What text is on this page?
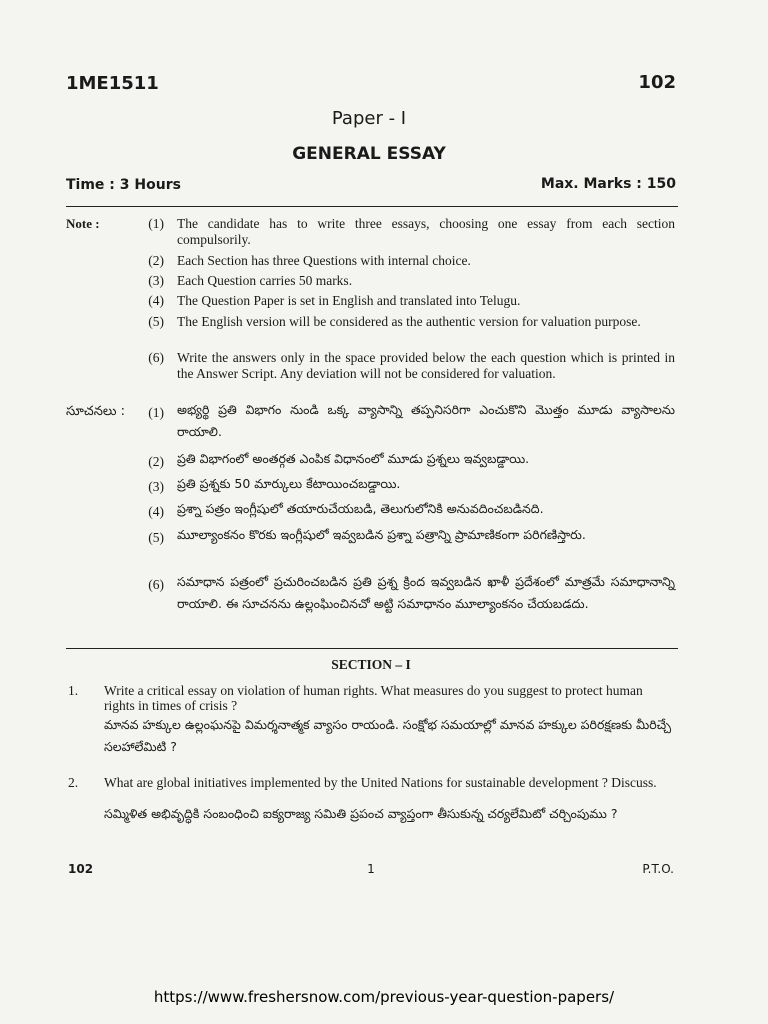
1ME1511	102
Paper - I
GENERAL ESSAY
Time : 3 Hours	Max. Marks : 150
Note :	(1) The candidate has to write three essays, choosing one essay from each section compulsorily.
(2) Each Section has three Questions with internal choice.
(3) Each Question carries 50 marks.
(4) The Question Paper is set in English and translated into Telugu.
(5) The English version will be considered as the authentic version for valuation purpose.
(6) Write the answers only in the space provided below the each question which is printed in the Answer Script. Any deviation will not be considered for valuation.
సూచనలు :	(1) అభ్యర్థి ప్రతి విభాగం నుండి ఒక్క వ్యాసాన్ని తప్పనిసరిగా ఎంచుకొని మొత్తం మూడు వ్యాసాలను రాయాలి.
(2) ప్రతి విభాగంలో అంతర్గత ఎంపిక విధానంలో మూడు ప్రశ్నలు ఇవ్వబడ్డాయి.
(3) ప్రతి ప్రశ్నకు 50 మార్కులు కేటాయించబడ్డాయి.
(4) ప్రశ్నా పత్రం ఇంగ్లీషులో తయారుచేయబడి, తెలుగులోనికి అనువదించబడినది.
(5) మూల్యాంకనం కొరకు ఇంగ్లీషులో ఇవ్వబడిన ప్రశ్నా పత్రాన్ని ప్రామాణికంగా పరిగణిస్తారు.
(6) సమాధాన పత్రంలో ప్రచురించబడిన ప్రతి ప్రశ్న క్రింద ఇవ్వబడిన ఖాళీ ప్రదేశంలో మాత్రమే సమాధానాన్ని రాయాలి. ఈ సూచనను ఉల్లంఘించినచో అట్టి సమాధానం మూల్యాంకనం చేయబడదు.
SECTION – I
1. Write a critical essay on violation of human rights. What measures do you suggest to protect human rights in times of crisis ?
మానవ హక్కుల ఉల్లంఘనపై విమర్శనాత్మక వ్యాసం రాయండి. సంక్షోభ సమయాల్లో మానవ హక్కుల పరిరక్షణకు మీరిచ్చే సలహాలేమిటి ?
2. What are global initiatives implemented by the United Nations for sustainable development ? Discuss.
సమ్మిళిత అభివృద్ధికి సంబంధించి ఐక్యరాజ్య సమితి ప్రపంచ వ్యాప్తంగా తీసుకున్న చర్యలేమిటో చర్చింపుము ?
102	1	P.T.O.
https://www.freshersnow.com/previous-year-question-papers/
